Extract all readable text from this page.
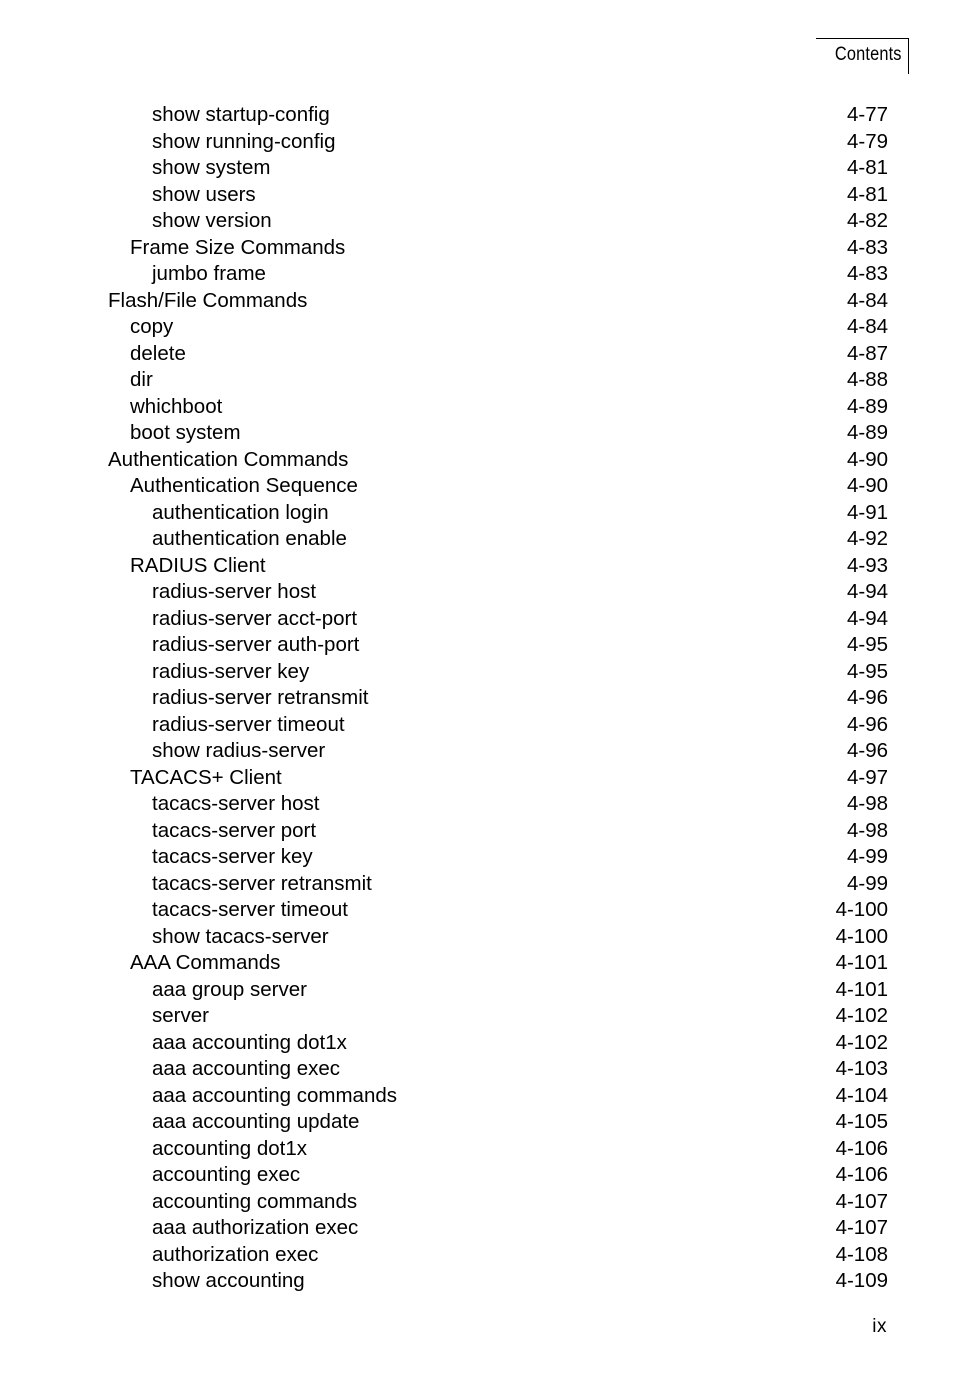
Contents
show startup-config	4-77
show running-config	4-79
show system	4-81
show users	4-81
show version	4-82
Frame Size Commands	4-83
jumbo frame	4-83
Flash/File Commands	4-84
copy	4-84
delete	4-87
dir	4-88
whichboot	4-89
boot system	4-89
Authentication Commands	4-90
Authentication Sequence	4-90
authentication login	4-91
authentication enable	4-92
RADIUS Client	4-93
radius-server host	4-94
radius-server acct-port	4-94
radius-server auth-port	4-95
radius-server key	4-95
radius-server retransmit	4-96
radius-server timeout	4-96
show radius-server	4-96
TACACS+ Client	4-97
tacacs-server host	4-98
tacacs-server port	4-98
tacacs-server key	4-99
tacacs-server retransmit	4-99
tacacs-server timeout	4-100
show tacacs-server	4-100
AAA Commands	4-101
aaa group server	4-101
server	4-102
aaa accounting dot1x	4-102
aaa accounting exec	4-103
aaa accounting commands	4-104
aaa accounting update	4-105
accounting dot1x	4-106
accounting exec	4-106
accounting commands	4-107
aaa authorization exec	4-107
authorization exec	4-108
show accounting	4-109
ix
